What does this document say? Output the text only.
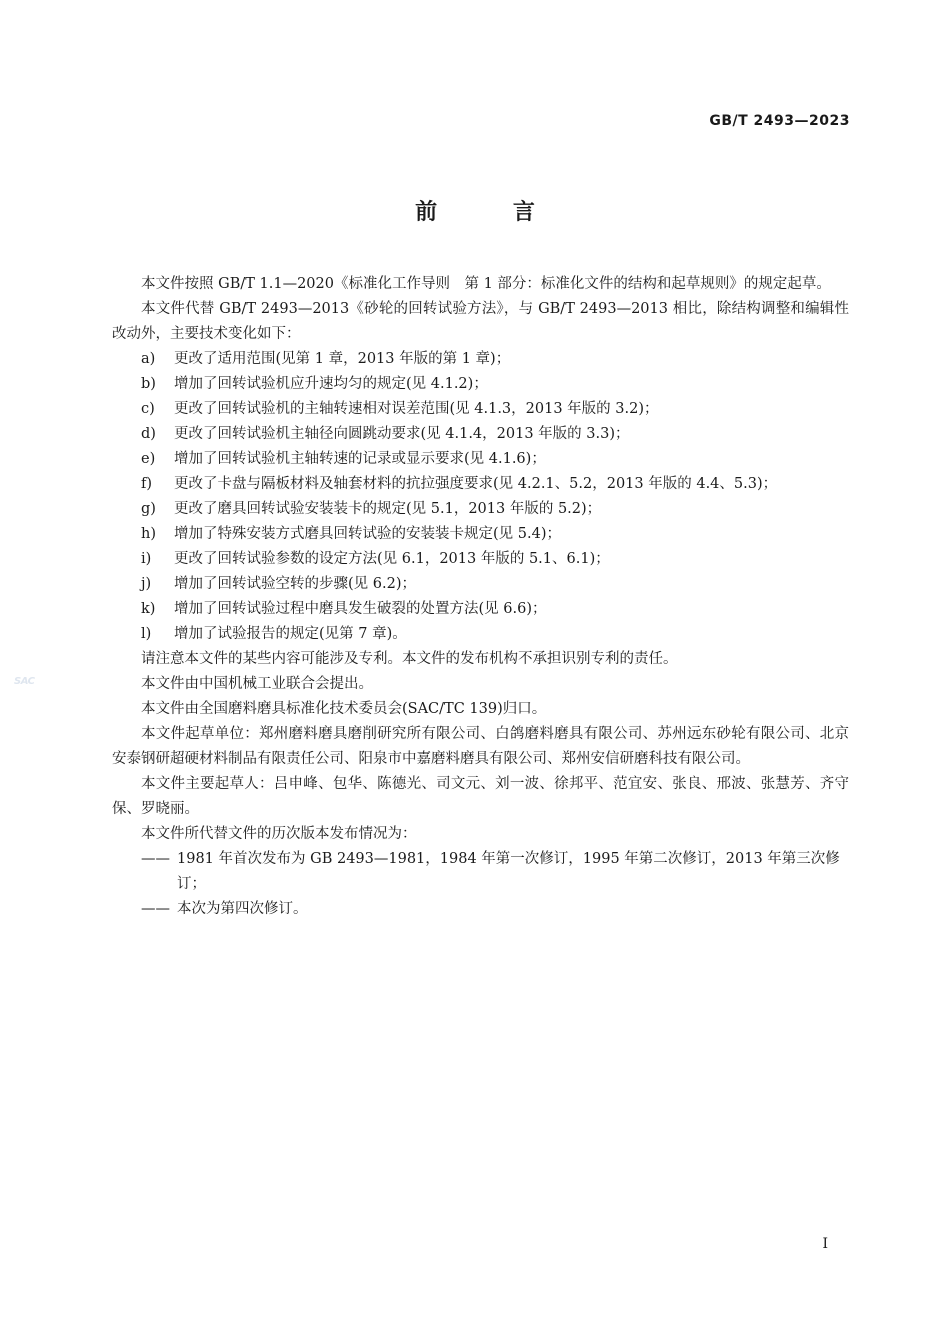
GB/T 2493—2023
前 言
SAC

本文件按照 GB/T 1.1—2020《标准化工作导则　第 1 部分：标准化文件的结构和起草规则》的规定起草。

本文件代替 GB/T 2493—2013《砂轮的回转试验方法》，与 GB/T 2493—2013 相比，除结构调整和编辑性改动外，主要技术变化如下：

a)	更改了适用范围(见第 1 章，2013 年版的第 1 章)；
b)	增加了回转试验机应升速均匀的规定(见 4.1.2)；
c)	更改了回转试验机的主轴转速相对误差范围(见 4.1.3，2013 年版的 3.2)；
d)	更改了回转试验机主轴径向圆跳动要求(见 4.1.4，2013 年版的 3.3)；
e)	增加了回转试验机主轴转速的记录或显示要求(见 4.1.6)；
f)	更改了卡盘与隔板材料及轴套材料的抗拉强度要求(见 4.2.1、5.2，2013 年版的 4.4、5.3)；
g)	更改了磨具回转试验安装装卡的规定(见 5.1，2013 年版的 5.2)；
h)	增加了特殊安装方式磨具回转试验的安装装卡规定(见 5.4)；
i)	更改了回转试验参数的设定方法(见 6.1，2013 年版的 5.1、6.1)；
j)	增加了回转试验空转的步骤(见 6.2)；
k)	增加了回转试验过程中磨具发生破裂的处置方法(见 6.6)；
l)	增加了试验报告的规定(见第 7 章)。

请注意本文件的某些内容可能涉及专利。本文件的发布机构不承担识别专利的责任。

本文件由中国机械工业联合会提出。

本文件由全国磨料磨具标准化技术委员会(SAC/TC 139)归口。

本文件起草单位：郑州磨料磨具磨削研究所有限公司、白鸽磨料磨具有限公司、苏州远东砂轮有限公司、北京安泰钢研超硬材料制品有限责任公司、阳泉市中嘉磨料磨具有限公司、郑州安信研磨科技有限公司。

本文件主要起草人：吕申峰、包华、陈德光、司文元、刘一波、徐邦平、范宜安、张良、邢波、张慧芳、齐守保、罗晓丽。

本文件所代替文件的历次版本发布情况为：

—— 1981 年首次发布为 GB 2493—1981，1984 年第一次修订，1995 年第二次修订，2013 年第三次修订；
—— 本次为第四次修订。
I
